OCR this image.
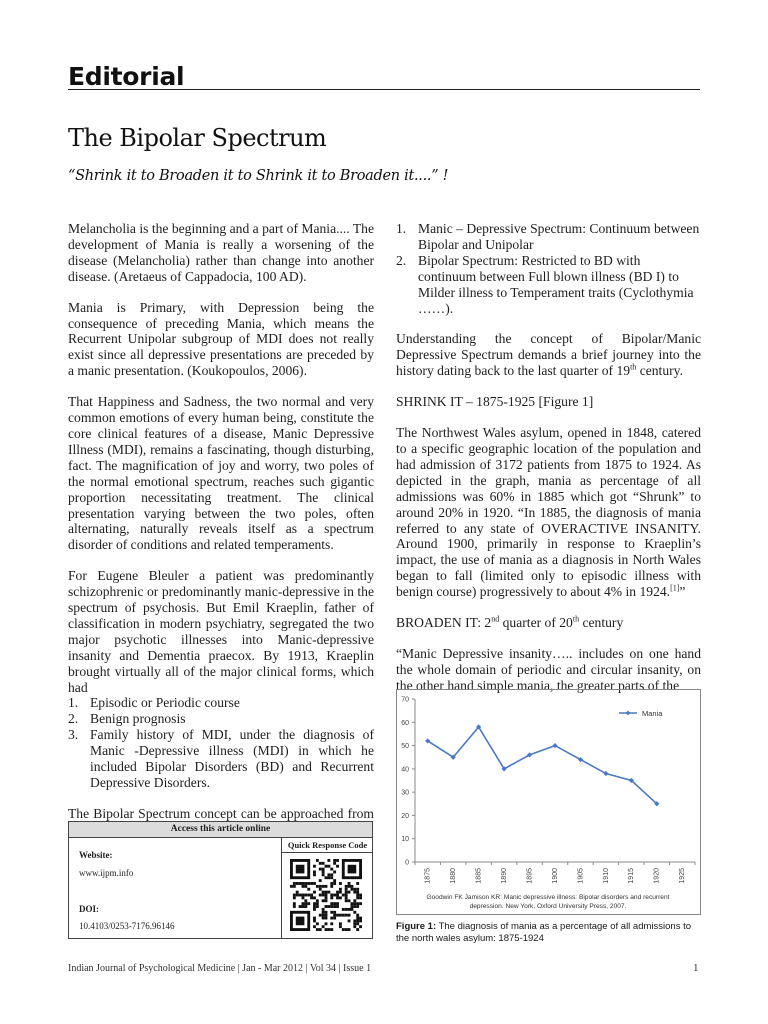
Editorial
The Bipolar Spectrum
“Shrink it to Broaden it to Shrink it to Broaden it....” !

Melancholia is the beginning and a part of Mania.... The development of Mania is really a worsening of the disease (Melancholia) rather than change into another disease. (Aretaeus of Cappadocia, 100 AD).

Mania is Primary, with Depression being the consequence of preceding Mania, which means the Recurrent Unipolar subgroup of MDI does not really exist since all depressive presentations are preceded by a manic presentation. (Koukopoulos, 2006).

That Happiness and Sadness, the two normal and very common emotions of every human being, constitute the core clinical features of a disease, Manic Depressive Illness (MDI), remains a fascinating, though disturbing, fact. The magnification of joy and worry, two poles of the normal emotional spectrum, reaches such gigantic proportion necessitating treatment. The clinical presentation varying between the two poles, often alternating, naturally reveals itself as a spectrum disorder of conditions and related temperaments.

For Eugene Bleuler a patient was predominantly schizophrenic or predominantly manic-depressive in the spectrum of psychosis. But Emil Kraeplin, father of classification in modern psychiatry, segregated the two major psychotic illnesses into Manic-depressive insanity and Dementia praecox. By 1913, Kraeplin brought virtually all of the major clinical forms, which had

1. Episodic or Periodic course
2. Benign prognosis
3. Family history of MDI, under the diagnosis of Manic -Depressive illness (MDI) in which he included Bipolar Disorders (BD) and Recurrent Depressive Disorders.

The Bipolar Spectrum concept can be approached from

1. Manic – Depressive Spectrum: Continuum between Bipolar and Unipolar
2. Bipolar Spectrum: Restricted to BD with continuum between Full blown illness (BD I) to Milder illness to Temperament traits (Cyclothymia ……).

Understanding the concept of Bipolar/Manic Depressive Spectrum demands a brief journey into the history dating back to the last quarter of 19th century.

SHRINK IT – 1875-1925 [Figure 1]

The Northwest Wales asylum, opened in 1848, catered to a specific geographic location of the population and had admission of 3172 patients from 1875 to 1924. As depicted in the graph, mania as percentage of all admissions was 60% in 1885 which got “Shrunk” to around 20% in 1920. “In 1885, the diagnosis of mania referred to any state of OVERACTIVE INSANITY. Around 1900, primarily in response to Kraeplin’s impact, the use of mania as a diagnosis in North Wales began to fall (limited only to episodic illness with benign course) progressively to about 4% in 1924.[1]”

BROADEN IT: 2nd quarter of 20th century

“Manic Depressive insanity….. includes on one hand the whole domain of periodic and circular insanity, on the other hand simple mania, the greater parts of the

Access this article online
Website:
www.ijpm.info
DOI:
10.4103/0253-7176.96146
Quick Response Code
0
10
20
30
40
50
60
70
1875	1880	1885	1890	1895	1900	1905	1910	1915	1920	1925
Mania
Goodwin FK Jamison KR: Manic depressive illness: Bipolar disorders and recurrent
depression. New York, Oxford University Press, 2007.
Figure 1: The diagnosis of mania as a percentage of all admissions to the north wales asylum: 1875-1924
Indian Journal of Psychological Medicine | Jan - Mar 2012 | Vol 34 | Issue 1	1
